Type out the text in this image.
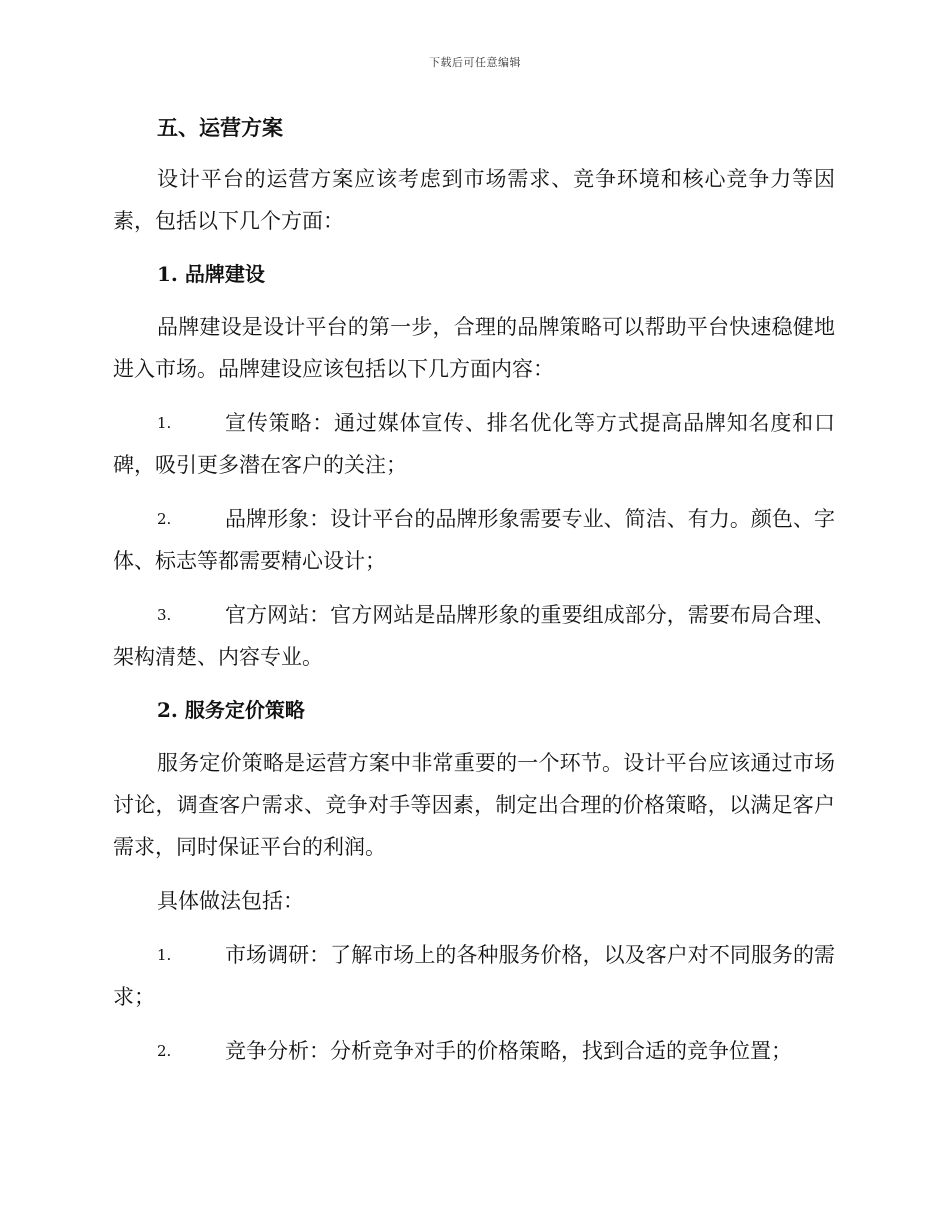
下载后可任意编辑

五、运营方案

设计平台的运营方案应该考虑到市场需求、竞争环境和核心竞争力等因素，包括以下几个方面：

1. 品牌建设

品牌建设是设计平台的第一步，合理的品牌策略可以帮助平台快速稳健地进入市场。品牌建设应该包括以下几方面内容：

1.	宣传策略：通过媒体宣传、排名优化等方式提高品牌知名度和口碑，吸引更多潜在客户的关注；
2.	品牌形象：设计平台的品牌形象需要专业、简洁、有力。颜色、字体、标志等都需要精心设计；
3.	官方网站：官方网站是品牌形象的重要组成部分，需要布局合理、架构清楚、内容专业。

2. 服务定价策略

服务定价策略是运营方案中非常重要的一个环节。设计平台应该通过市场讨论，调查客户需求、竞争对手等因素，制定出合理的价格策略，以满足客户需求，同时保证平台的利润。

具体做法包括：

1.	市场调研：了解市场上的各种服务价格，以及客户对不同服务的需求；
2.	竞争分析：分析竞争对手的价格策略，找到合适的竞争位置；
